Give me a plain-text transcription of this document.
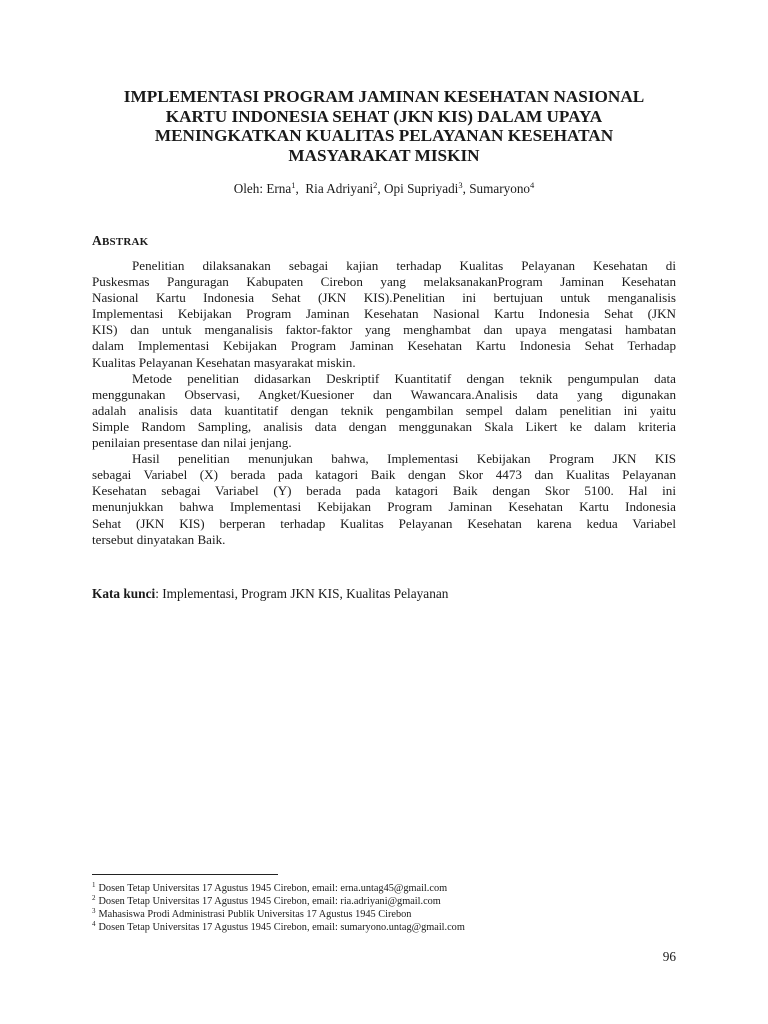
IMPLEMENTASI PROGRAM JAMINAN KESEHATAN NASIONAL
KARTU INDONESIA SEHAT (JKN KIS) DALAM UPAYA
MENINGKATKAN KUALITAS PELAYANAN KESEHATAN
MASYARAKAT MISKIN
Oleh: Erna$^1$,  Ria Adriyani$^2$, Opi Supriyadi$^3$, Sumaryono$^4$
ABSTRAK
Penelitian dilaksanakan sebagai kajian terhadap Kualitas Pelayanan Kesehatan di
Puskesmas Panguragan Kabupaten Cirebon yang melaksanakanProgram Jaminan Kesehatan
Nasional Kartu Indonesia Sehat (JKN KIS).Penelitian ini bertujuan untuk menganalisis
Implementasi Kebijakan Program Jaminan Kesehatan Nasional Kartu Indonesia Sehat (JKN
KIS) dan untuk menganalisis faktor-faktor yang menghambat dan upaya mengatasi hambatan
dalam Implementasi Kebijakan Program Jaminan Kesehatan Kartu Indonesia Sehat Terhadap
Kualitas Pelayanan Kesehatan masyarakat miskin.
Metode penelitian didasarkan Deskriptif Kuantitatif dengan teknik pengumpulan data
menggunakan Observasi, Angket/Kuesioner dan Wawancara.Analisis data yang digunakan
adalah analisis data kuantitatif dengan teknik pengambilan sempel dalam penelitian ini yaitu
Simple Random Sampling, analisis data dengan menggunakan Skala Likert ke dalam kriteria
penilaian presentase dan nilai jenjang.
Hasil penelitian menunjukan bahwa, Implementasi Kebijakan Program JKN KIS
sebagai Variabel (X) berada pada katagori Baik dengan Skor 4473 dan Kualitas Pelayanan
Kesehatan sebagai Variabel (Y) berada pada katagori Baik dengan Skor 5100. Hal ini
menunjukkan bahwa Implementasi Kebijakan Program Jaminan Kesehatan Kartu Indonesia
Sehat (JKN KIS) berperan terhadap Kualitas Pelayanan Kesehatan karena kedua Variabel
tersebut dinyatakan Baik.
Kata kunci: Implementasi, Program JKN KIS, Kualitas Pelayanan
$^1$ Dosen Tetap Universitas 17 Agustus 1945 Cirebon, email: erna.untag45@gmail.com
$^2$ Dosen Tetap Universitas 17 Agustus 1945 Cirebon, email: ria.adriyani@gmail.com
$^3$ Mahasiswa Prodi Administrasi Publik Universitas 17 Agustus 1945 Cirebon
$^4$ Dosen Tetap Universitas 17 Agustus 1945 Cirebon, email: sumaryono.untag@gmail.com
96
